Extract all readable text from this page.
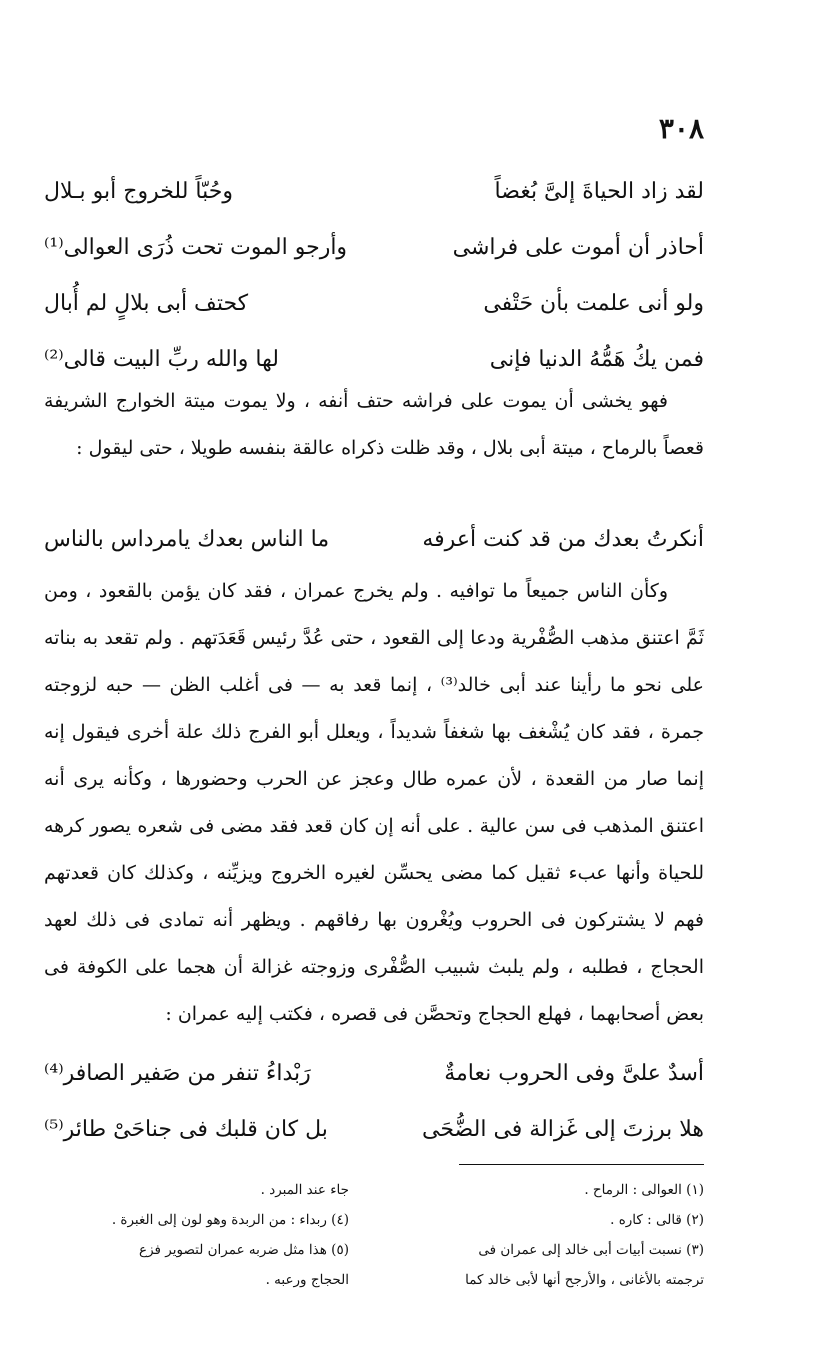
٣٠٨
لقد زاد الحياةَ إلىَّ بُغضاً
وحُبّاً للخروج أبو بـلال
أحاذر أن أموت على فراشى
وأرجو الموت تحت ذُرَى العوالى⁽¹⁾
ولو أنى علمت بأن حَتْفى
كحتف أبى بلالٍ لم أُبال
فمن يكُ هَمُّهُ الدنيا فإنى
لها والله ربِّ البيت قالى⁽²⁾

فهو يخشى أن يموت على فراشه حتف أنفه ، ولا يموت ميتة الخوارج الشريفة قعصاً بالرماح ، ميتة أبى بلال ، وقد ظلت ذكراه عالقة بنفسه طويلا ، حتى ليقول :

أنكرتُ بعدك من قد كنت أعرفه
ما الناس بعدك يامرداس بالناس

وكأن الناس جميعاً ما توافيه . ولم يخرج عمران ، فقد كان يؤمن بالقعود ، ومن ثَمَّ اعتنق مذهب الصُّفْرية ودعا إلى القعود ، حتى عُدَّ رئيس قَعَدَتهم . ولم تقعد به بناته على نحو ما رأينا عند أبى خالد⁽³⁾ ، إنما قعد به — فى أغلب الظن — حبه لزوجته جمرة ، فقد كان يُشْغف بها شغفاً شديداً ، ويعلل أبو الفرج ذلك علة أخرى فيقول إنه إنما صار من القعدة ، لأن عمره طال وعجز عن الحرب وحضورها ، وكأنه يرى أنه اعتنق المذهب فى سن عالية . على أنه إن كان قعد فقد مضى فى شعره يصور كرهه للحياة وأنها عبء ثقيل كما مضى يحسِّن لغيره الخروج ويزيِّنه ، وكذلك كان قعدتهم فهم لا يشتركون فى الحروب ويُغْرون بها رفاقهم . ويظهر أنه تمادى فى ذلك لعهد الحجاج ، فطلبه ، ولم يلبث شبيب الصُّفْرى وزوجته غزالة أن هجما على الكوفة فى بعض أصحابهما ، فهلع الحجاج وتحصَّن فى قصره ، فكتب إليه عمران :

أسدٌ علىَّ وفى الحروب نعامةٌ
رَبْداءُ تنفر من صَفير الصافر⁽⁴⁾
هلا برزتَ إلى غَزالة فى الضُّحَى
بل كان قلبك فى جناحَىْ طائر⁽⁵⁾
(١) العوالى : الرماح .
(٢) قالى : كاره .
(٣) نسبت أبيات أبى خالد إلى عمران فى
ترجمته بالأغانى ، والأرجح أنها لأبى خالد كما
جاء عند المبرد .
(٤) ربداء : من الربدة وهو لون إلى الغبرة .
(٥) هذا مثل ضربه عمران لتصوير فزع
الحجاج ورعبه .
